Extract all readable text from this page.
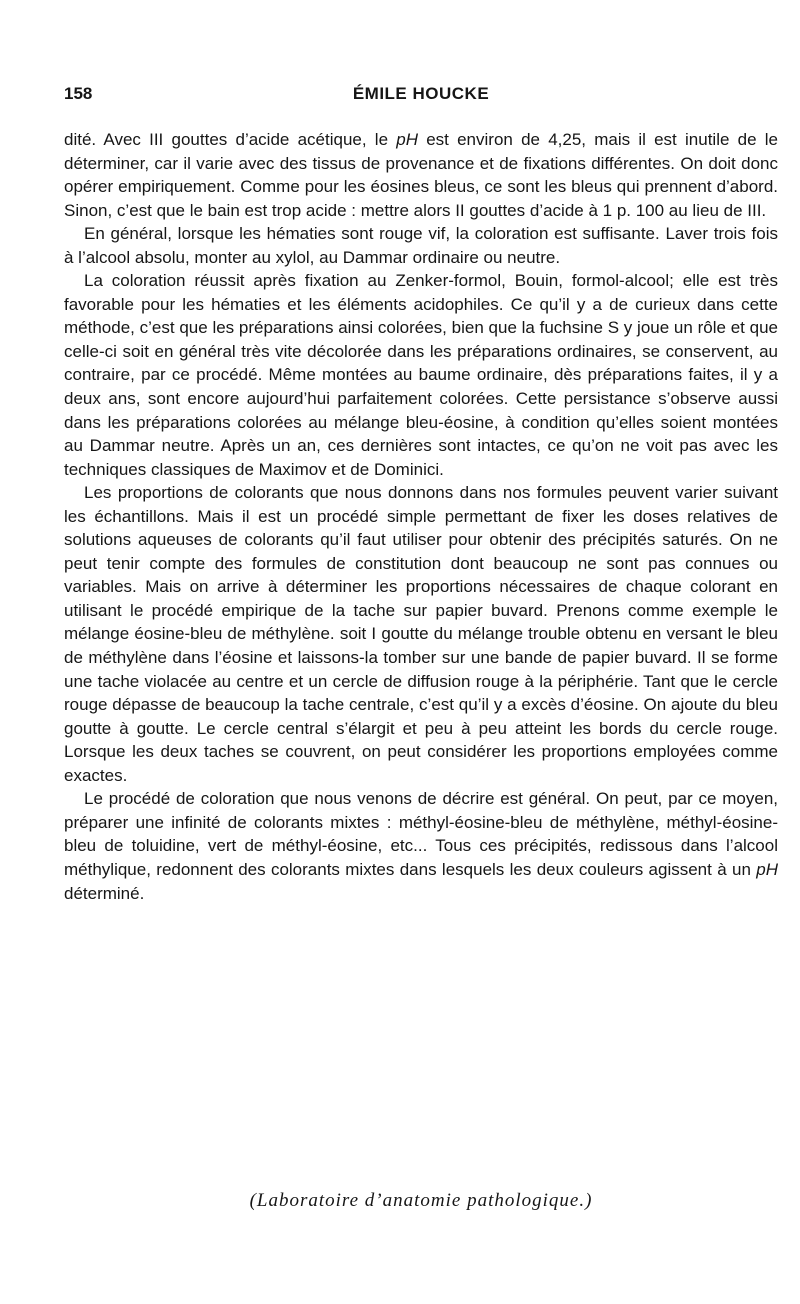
158	ÉMILE HOUCKE

dité. Avec III gouttes d’acide acétique, le pH est environ de 4,25, mais il est inutile de le déterminer, car il varie avec des tissus de provenance et de fixations différentes. On doit donc opérer empiriquement. Comme pour les éosines bleus, ce sont les bleus qui prennent d’abord. Sinon, c’est que le bain est trop acide : mettre alors II gouttes d’acide à 1 p. 100 au lieu de III.

En général, lorsque les hématies sont rouge vif, la coloration est suffisante. Laver trois fois à l’alcool absolu, monter au xylol, au Dammar ordinaire ou neutre.

La coloration réussit après fixation au Zenker-formol, Bouin, formol-alcool; elle est très favorable pour les hématies et les éléments acidophiles. Ce qu’il y a de curieux dans cette méthode, c’est que les préparations ainsi colorées, bien que la fuchsine S y joue un rôle et que celle-ci soit en général très vite décolorée dans les préparations ordinaires, se conservent, au contraire, par ce procédé. Même montées au baume ordinaire, dès préparations faites, il y a deux ans, sont encore aujourd’hui parfaitement colorées. Cette persistance s’observe aussi dans les préparations colorées au mélange bleu-éosine, à condition qu’elles soient montées au Dammar neutre. Après un an, ces dernières sont intactes, ce qu’on ne voit pas avec les techniques classiques de Maximov et de Dominici.

Les proportions de colorants que nous donnons dans nos formules peuvent varier suivant les échantillons. Mais il est un procédé simple permettant de fixer les doses relatives de solutions aqueuses de colorants qu’il faut utiliser pour obtenir des précipités saturés. On ne peut tenir compte des formules de constitution dont beaucoup ne sont pas connues ou variables. Mais on arrive à déterminer les proportions nécessaires de chaque colorant en utilisant le procédé empirique de la tache sur papier buvard. Prenons comme exemple le mélange éosine-bleu de méthylène. soit I goutte du mélange trouble obtenu en versant le bleu de méthylène dans l’éosine et laissons-la tomber sur une bande de papier buvard. Il se forme une tache violacée au centre et un cercle de diffusion rouge à la périphérie. Tant que le cercle rouge dépasse de beaucoup la tache centrale, c’est qu’il y a excès d’éosine. On ajoute du bleu goutte à goutte. Le cercle central s’élargit et peu à peu atteint les bords du cercle rouge. Lorsque les deux taches se couvrent, on peut considérer les proportions employées comme exactes.

Le procédé de coloration que nous venons de décrire est général. On peut, par ce moyen, préparer une infinité de colorants mixtes : méthyl-éosine-bleu de méthylène, méthyl-éosine-bleu de toluidine, vert de méthyl-éosine, etc... Tous ces précipités, redissous dans l’alcool méthylique, redonnent des colorants mixtes dans lesquels les deux couleurs agissent à un pH déterminé.

(Laboratoire d’anatomie pathologique.)
